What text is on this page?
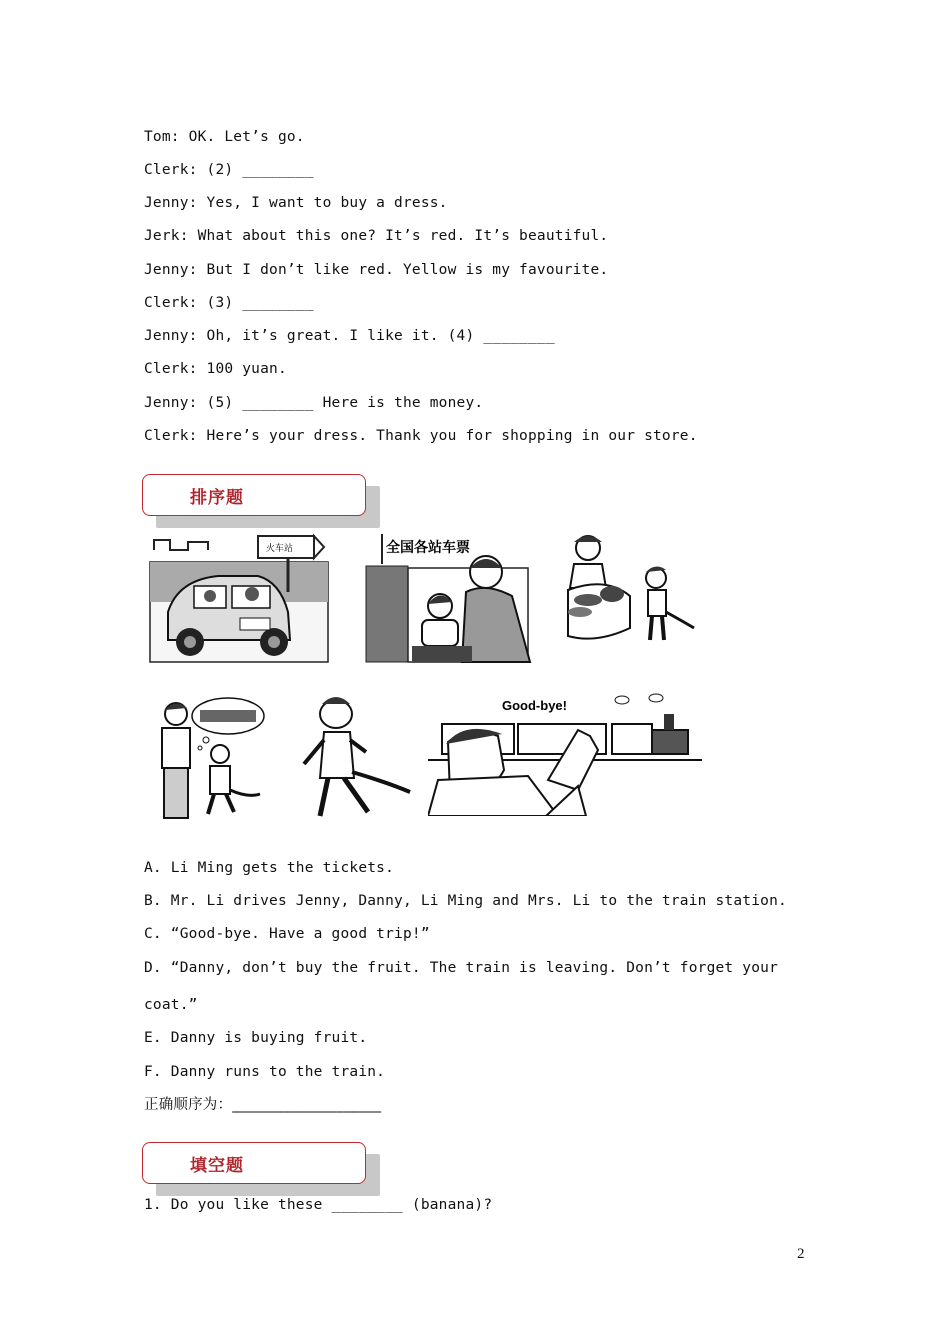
Tom: OK. Let’s go.
Clerk: (2) ________
Jenny: Yes, I want to buy a dress.
Jerk: What about this one? It’s red. It’s beautiful.
Jenny: But I don’t like red. Yellow is my favourite.
Clerk: (3) ________
Jenny: Oh, it’s great. I like it. (4) ________
Clerk: 100 yuan.
Jenny: (5) ________ Here is the money.
Clerk: Here’s your dress. Thank you for shopping in our store.
排序题
火车站	全国各站车票
Good-bye!
A. Li Ming gets the tickets.
B. Mr. Li drives Jenny, Danny, Li Ming and Mrs. Li to the train station.
C. “Good-bye. Have a good trip!”
D. “Danny, don’t buy the fruit. The train is leaving. Don’t forget your
coat.”
E. Danny is buying fruit.
F. Danny runs to the train.
正确顺序为：____________________
填空题
1. Do you like these ________ (banana)?
2
